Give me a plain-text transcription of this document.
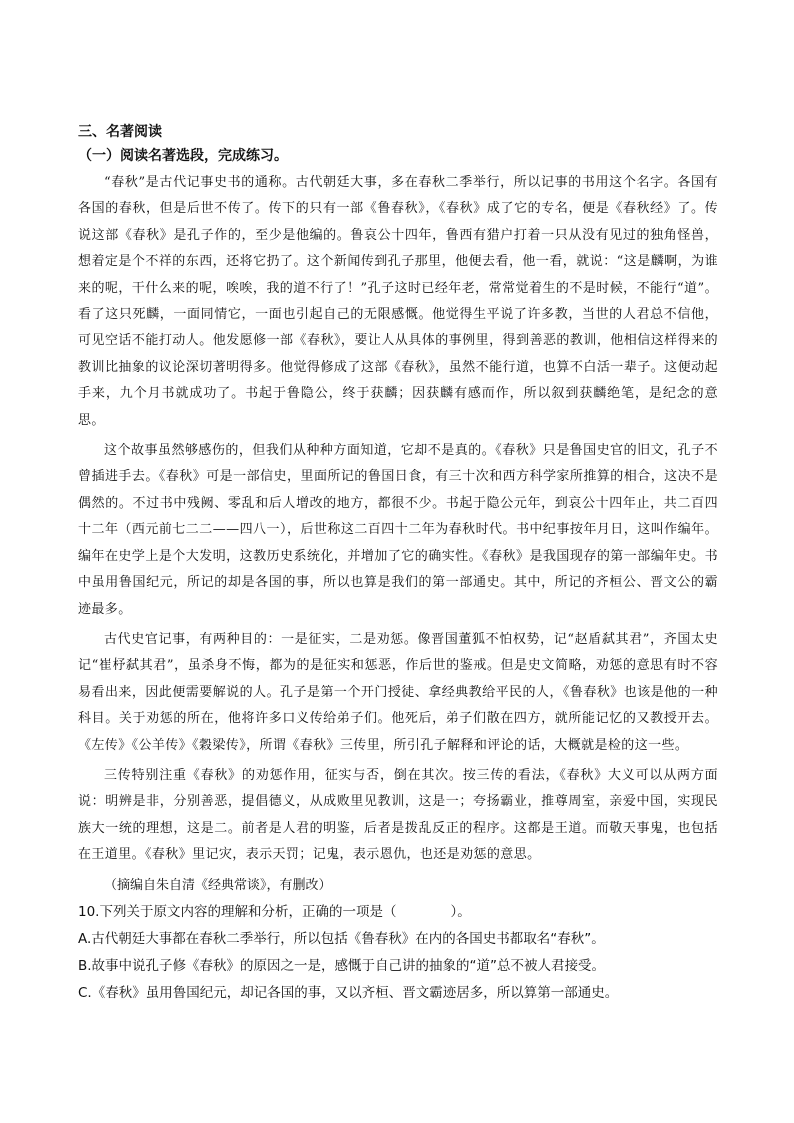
三、名著阅读

（一）阅读名著选段，完成练习。

“春秋”是古代记事史书的通称。古代朝廷大事，多在春秋二季举行，所以记事的书用这个名字。各国有各国的春秋，但是后世不传了。传下的只有一部《鲁春秋》，《春秋》成了它的专名，便是《春秋经》了。传说这部《春秋》是孔子作的，至少是他编的。鲁哀公十四年，鲁西有猎户打着一只从没有见过的独角怪兽，想着定是个不祥的东西，还将它扔了。这个新闻传到孔子那里，他便去看，他一看，就说：“这是麟啊，为谁来的呢，干什么来的呢，唉唉，我的道不行了！”孔子这时已经年老，常常觉着生的不是时候，不能行“道”。看了这只死麟，一面同情它，一面也引起自己的无限感慨。他觉得生平说了许多教，当世的人君总不信他，可见空话不能打动人。他发愿修一部《春秋》，要让人从具体的事例里，得到善恶的教训，他相信这样得来的教训比抽象的议论深切著明得多。他觉得修成了这部《春秋》，虽然不能行道，也算不白活一辈子。这便动起手来，九个月书就成功了。书起于鲁隐公，终于获麟；因获麟有感而作，所以叙到获麟绝笔，是纪念的意思。

这个故事虽然够感伤的，但我们从种种方面知道，它却不是真的。《春秋》只是鲁国史官的旧文，孔子不曾插进手去。《春秋》可是一部信史，里面所记的鲁国日食，有三十次和西方科学家所推算的相合，这决不是偶然的。不过书中残阙、零乱和后人增改的地方，都很不少。书起于隐公元年，到哀公十四年止，共二百四十二年（西元前七二二——四八一），后世称这二百四十二年为春秋时代。书中纪事按年月日，这叫作编年。编年在史学上是个大发明，这教历史系统化，并增加了它的确实性。《春秋》是我国现存的第一部编年史。书中虽用鲁国纪元，所记的却是各国的事，所以也算是我们的第一部通史。其中，所记的齐桓公、晋文公的霸迹最多。

古代史官记事，有两种目的：一是征实，二是劝惩。像晋国董狐不怕权势，记“赵盾弑其君”，齐国太史记“崔杼弑其君”，虽杀身不悔，都为的是征实和惩恶，作后世的鉴戒。但是史文简略，劝惩的意思有时不容易看出来，因此便需要解说的人。孔子是第一个开门授徒、拿经典教给平民的人，《鲁春秋》也该是他的一种科目。关于劝惩的所在，他将许多口义传给弟子们。他死后，弟子们散在四方，就所能记忆的又教授开去。《左传》《公羊传》《穀梁传》，所谓《春秋》三传里，所引孔子解释和评论的话，大概就是检的这一些。

三传特别注重《春秋》的劝惩作用，征实与否，倒在其次。按三传的看法，《春秋》大义可以从两方面说：明辨是非，分别善恶，提倡德义，从成败里见教训，这是一；夸扬霸业，推尊周室，亲爱中国，实现民族大一统的理想，这是二。前者是人君的明鉴，后者是拨乱反正的程序。这都是王道。而敬天事鬼，也包括在王道里。《春秋》里记灾，表示天罚；记鬼，表示恩仇，也还是劝惩的意思。

（摘编自朱自清《经典常谈》，有删改）

10.下列关于原文内容的理解和分析，正确的一项是（　　　　）。

A.古代朝廷大事都在春秋二季举行，所以包括《鲁春秋》在内的各国史书都取名“春秋”。

B.故事中说孔子修《春秋》的原因之一是，感慨于自己讲的抽象的“道”总不被人君接受。

C.《春秋》虽用鲁国纪元，却记各国的事，又以齐桓、晋文霸迹居多，所以算第一部通史。
